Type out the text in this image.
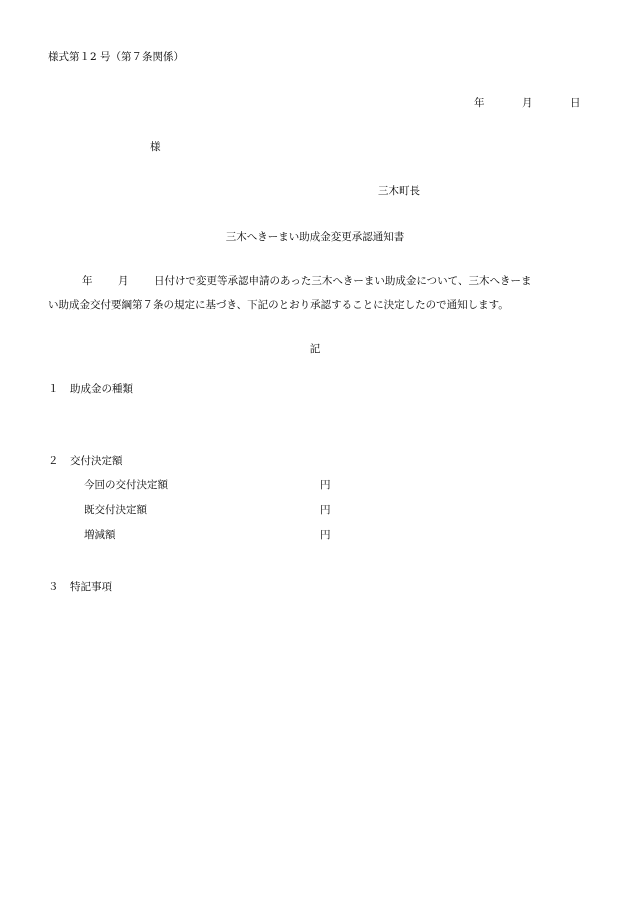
様式第１2 号（第７条関係）
年	月	日
様
三木町長
三木へきーまい助成金変更承認通知書
年 月 日付けで変更等承認申請のあった三木へきーまい助成金について、三木へきーま
い助成金交付要綱第７条の規定に基づき、下記のとおり承認することに決定したので通知します。
記
１ 助成金の種類
２ 交付決定額
今回の交付決定額	円
既交付決定額	円
増減額	円
３ 特記事項
